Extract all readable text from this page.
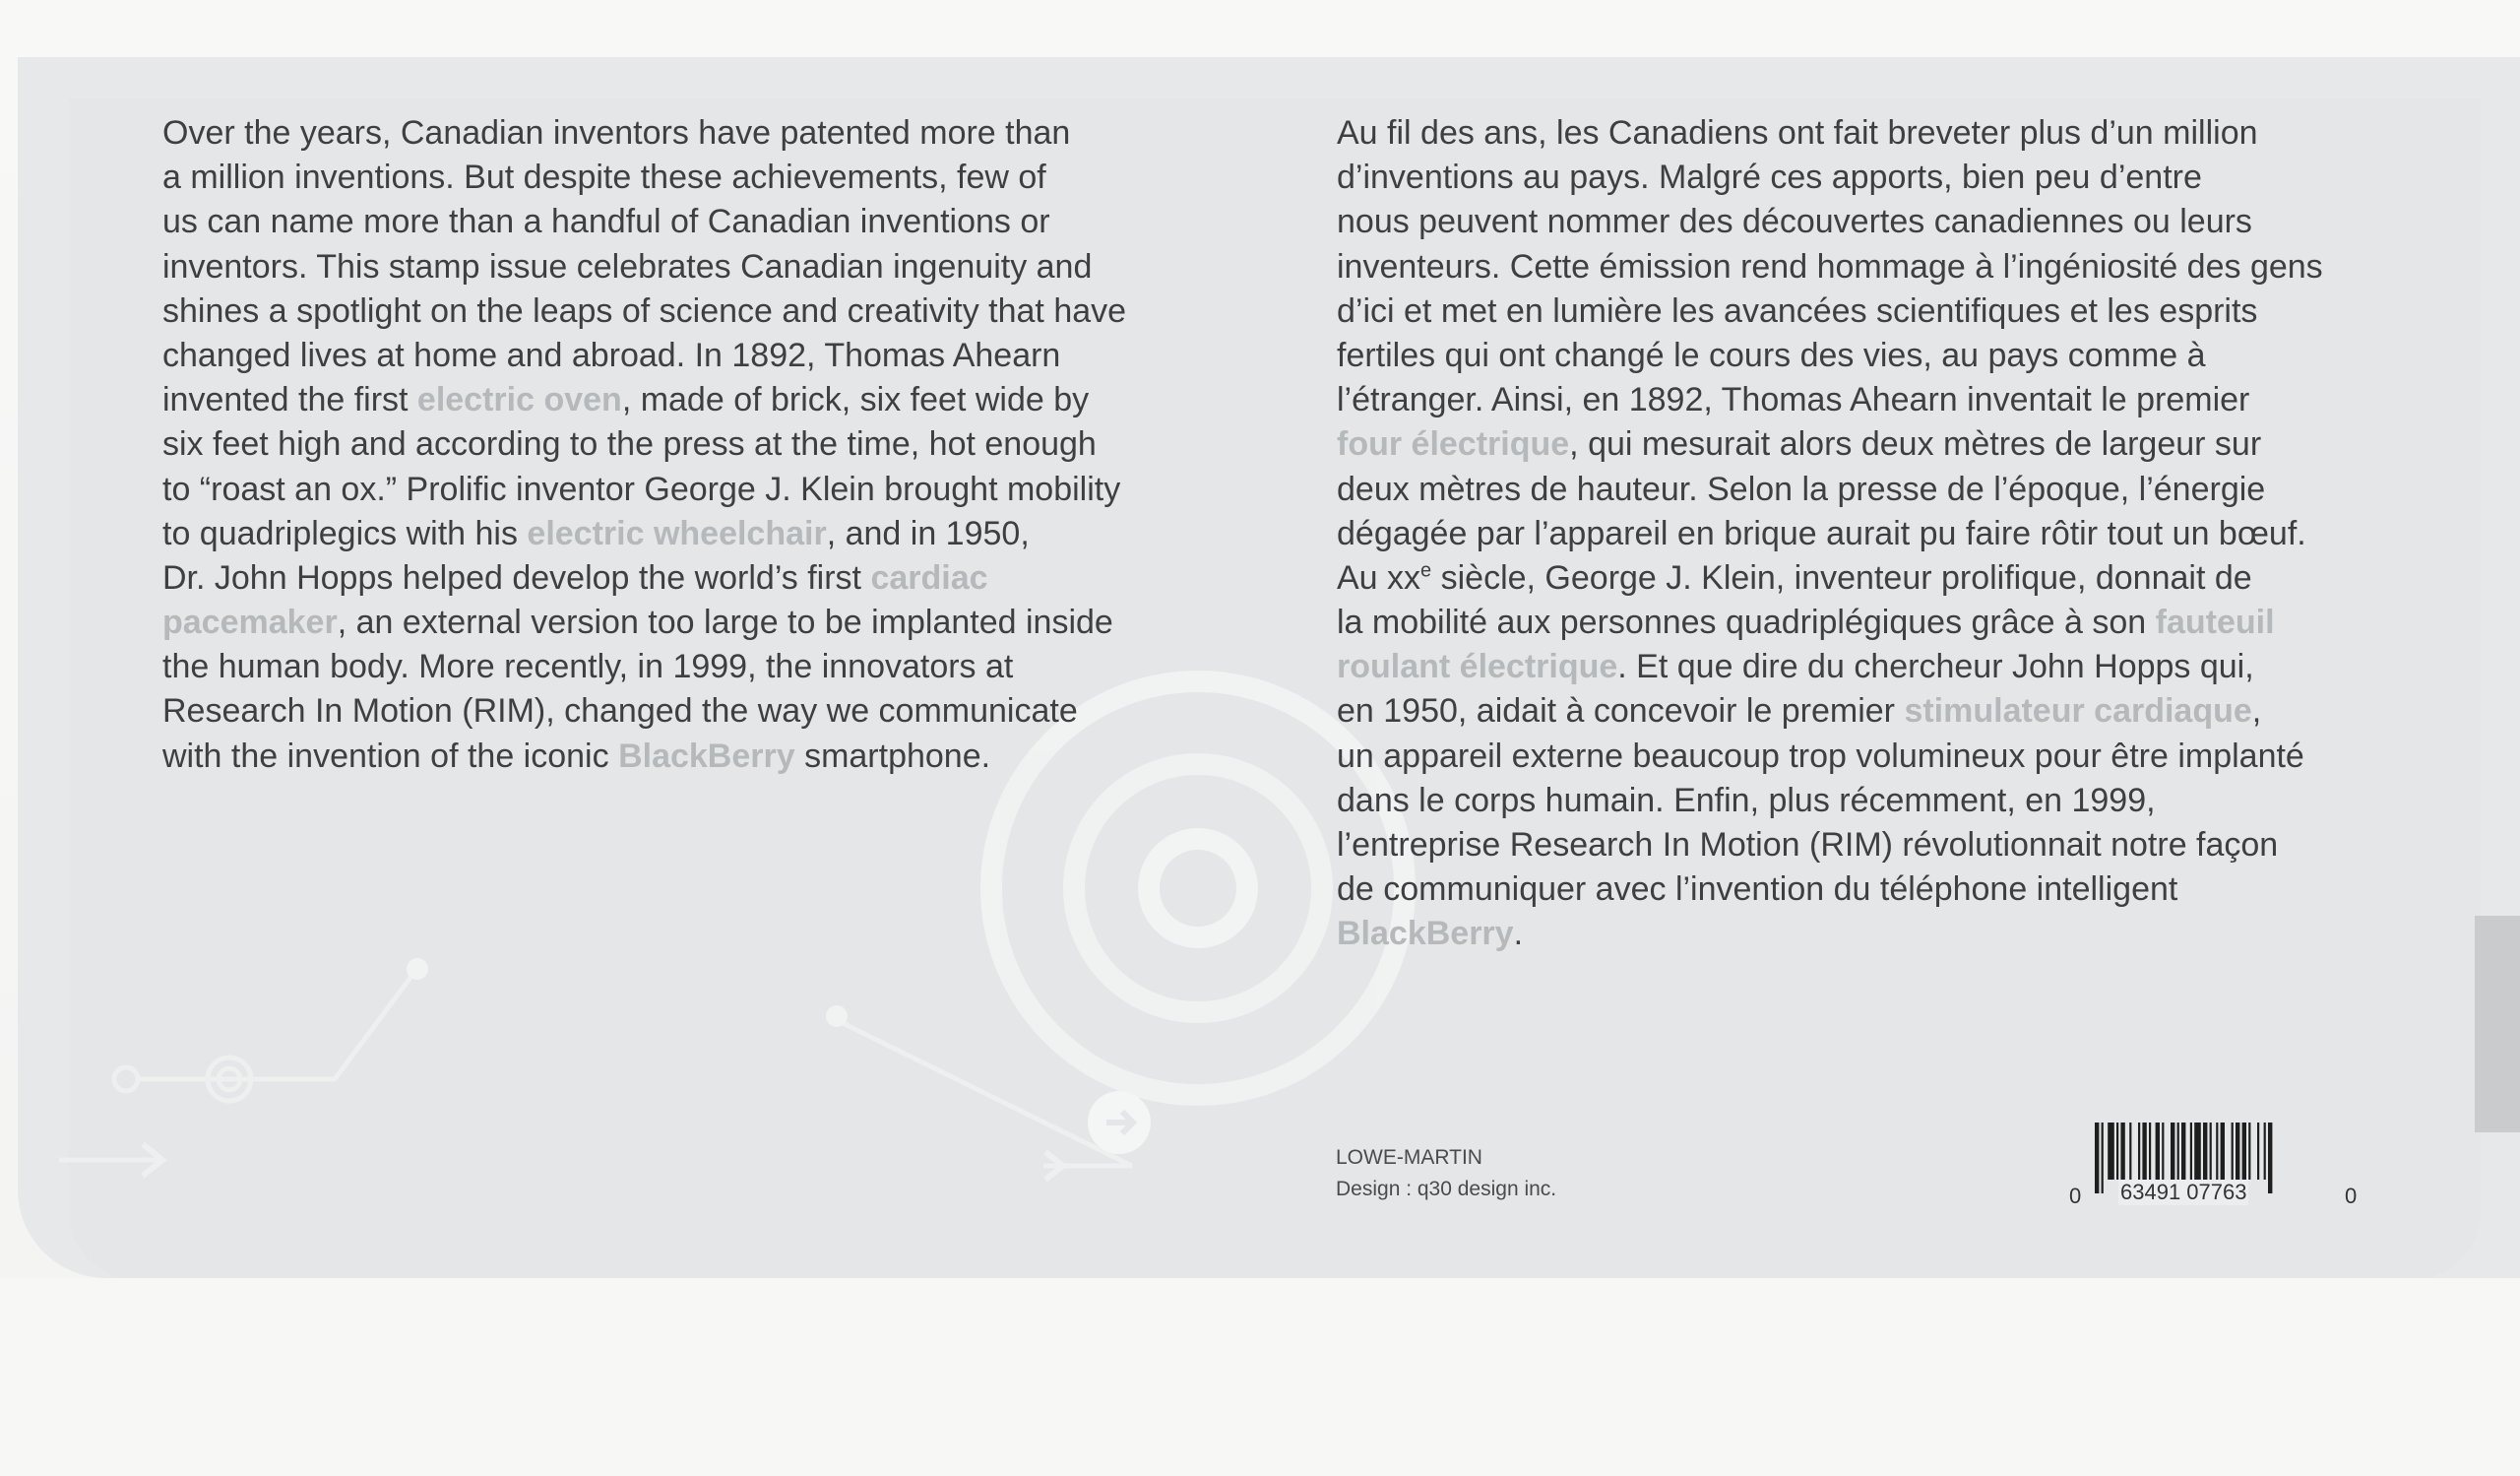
Over the years, Canadian inventors have patented more than
a million inventions. But despite these achievements, few of
us can name more than a handful of Canadian inventions or
inventors. This stamp issue celebrates Canadian ingenuity and
shines a spotlight on the leaps of science and creativity that have
changed lives at home and abroad. In 1892, Thomas Ahearn
invented the first electric oven, made of brick, six feet wide by
six feet high and according to the press at the time, hot enough
to “roast an ox.” Prolific inventor George J. Klein brought mobility
to quadriplegics with his electric wheelchair, and in 1950,
Dr. John Hopps helped develop the world’s first cardiac
pacemaker, an external version too large to be implanted inside
the human body. More recently, in 1999, the innovators at
Research In Motion (RIM), changed the way we communicate
with the invention of the iconic BlackBerry smartphone.
Au fil des ans, les Canadiens ont fait breveter plus d’un million
d’inventions au pays. Malgré ces apports, bien peu d’entre
nous peuvent nommer des découvertes canadiennes ou leurs
inventeurs. Cette émission rend hommage à l’ingéniosité des gens
d’ici et met en lumière les avancées scientifiques et les esprits
fertiles qui ont changé le cours des vies, au pays comme à
l’étranger. Ainsi, en 1892, Thomas Ahearn inventait le premier
four électrique, qui mesurait alors deux mètres de largeur sur
deux mètres de hauteur. Selon la presse de l’époque, l’énergie
dégagée par l’appareil en brique aurait pu faire rôtir tout un bœuf.
Au $xx^e$ siècle, George J. Klein, inventeur prolifique, donnait de
la mobilité aux personnes quadriplégiques grâce à son fauteuil
roulant électrique. Et que dire du chercheur John Hopps qui,
en 1950, aidait à concevoir le premier stimulateur cardiaque,
un appareil externe beaucoup trop volumineux pour être implanté
dans le corps humain. Enfin, plus récemment, en 1999,
l’entreprise Research In Motion (RIM) révolutionnait notre façon
de communiquer avec l’invention du téléphone intelligent
BlackBerry.
LOWE-MARTIN
Design : q30 design inc.	0 63491 07763	0
